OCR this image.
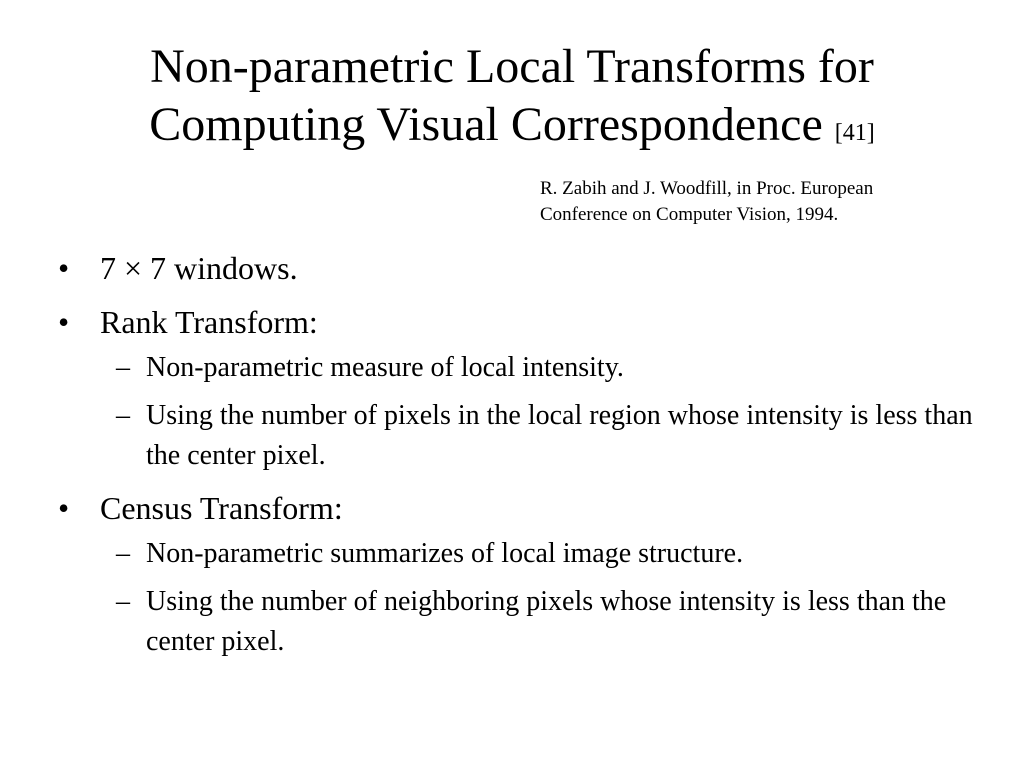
Non-parametric Local Transforms for
Computing Visual Correspondence [41]
R. Zabih and J. Woodfill, in Proc. European
Conference on Computer Vision, 1994.
• 7 × 7 windows.
• Rank Transform:
– Non-parametric measure of local intensity.
– Using the number of pixels in the local region whose intensity is less than the center pixel.
• Census Transform:
– Non-parametric summarizes of local image structure.
– Using the number of neighboring pixels whose intensity is less than the center pixel.
